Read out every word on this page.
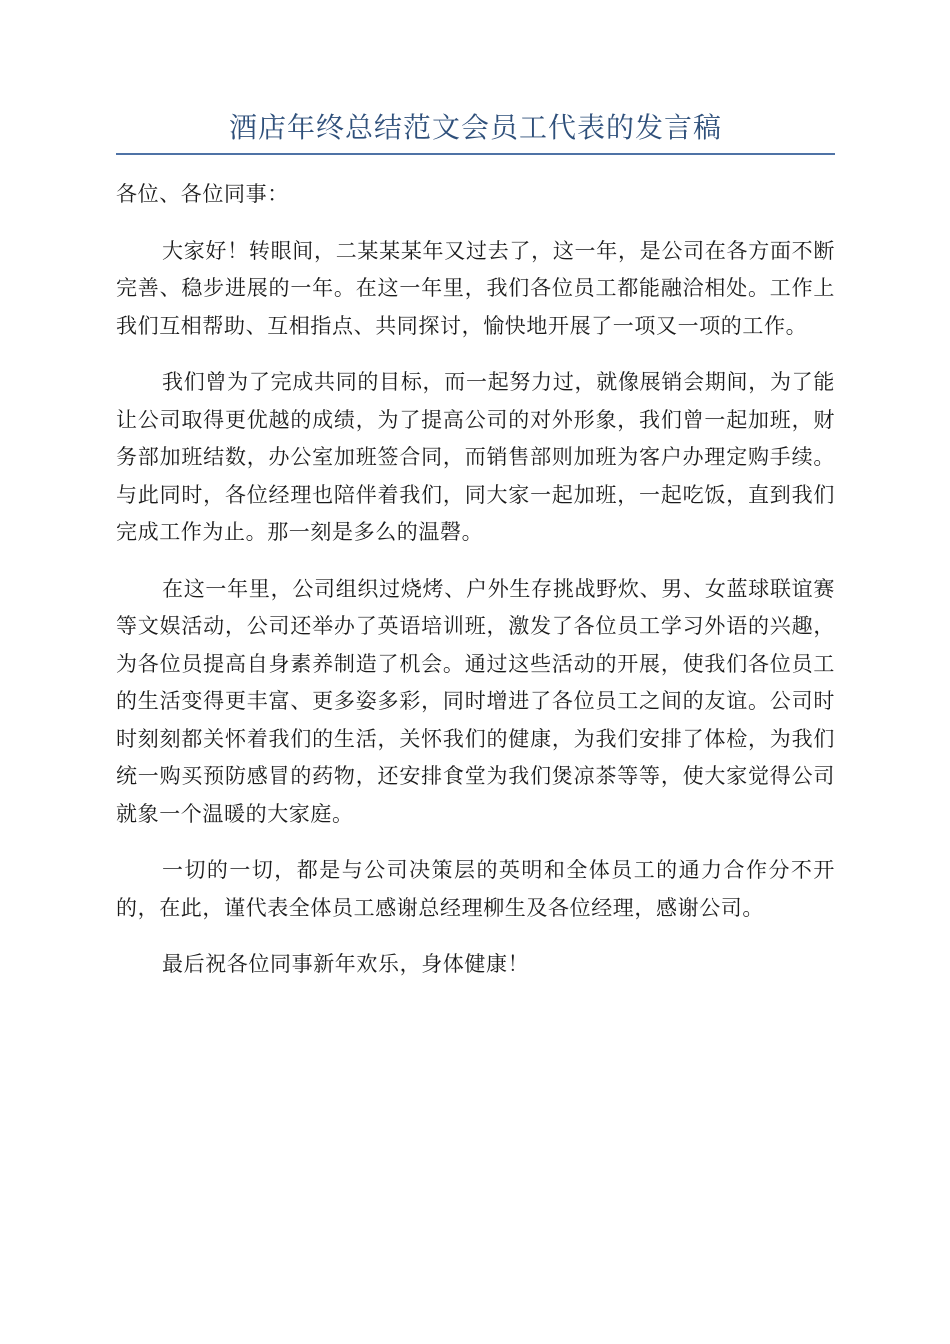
酒店年终总结范文会员工代表的发言稿

各位、各位同事：

大家好！转眼间，二某某某年又过去了，这一年，是公司在各方面不断完善、稳步进展的一年。在这一年里，我们各位员工都能融洽相处。工作上我们互相帮助、互相指点、共同探讨，愉快地开展了一项又一项的工作。

我们曾为了完成共同的目标，而一起努力过，就像展销会期间，为了能让公司取得更优越的成绩，为了提高公司的对外形象，我们曾一起加班，财务部加班结数，办公室加班签合同，而销售部则加班为客户办理定购手续。与此同时，各位经理也陪伴着我们，同大家一起加班，一起吃饭，直到我们完成工作为止。那一刻是多么的温磬。

在这一年里，公司组织过烧烤、户外生存挑战野炊、男、女蓝球联谊赛等文娱活动，公司还举办了英语培训班，激发了各位员工学习外语的兴趣，为各位员提高自身素养制造了机会。通过这些活动的开展，使我们各位员工的生活变得更丰富、更多姿多彩，同时增进了各位员工之间的友谊。公司时时刻刻都关怀着我们的生活，关怀我们的健康，为我们安排了体检，为我们统一购买预防感冒的药物，还安排食堂为我们煲凉茶等等，使大家觉得公司就象一个温暖的大家庭。

一切的一切，都是与公司决策层的英明和全体员工的通力合作分不开的，在此，谨代表全体员工感谢总经理柳生及各位经理，感谢公司。

最后祝各位同事新年欢乐，身体健康！
